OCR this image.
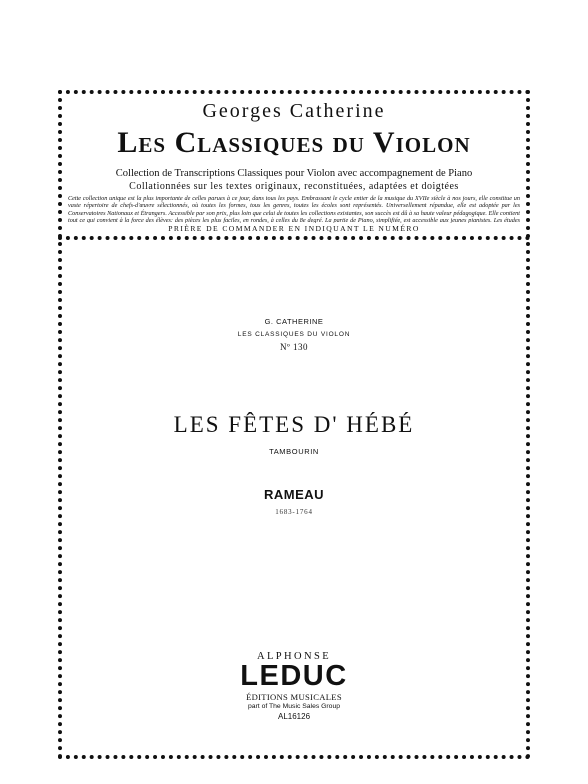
Georges Catherine
Les Classiques du Violon
Collection de Transcriptions Classiques pour Violon avec accompagnement de Piano
Collationnées sur les textes originaux, reconstituées, adaptées et doigtées
Cette collection unique est la plus importante de celles parues à ce jour, dans tous les pays. Embrassant le cycle entier de la musique du XVIIe siècle à nos jours, elle constitue un vaste répertoire de chefs-d'œuvre sélectionnés, où toutes les formes, tous les genres, toutes les écoles sont représentés. Universellement répandue, elle est adoptée par les Conservatoires Nationaux et Étrangers. Accessible par son prix, plus loin que celui de toutes les collections existantes, son succès est dû à sa haute valeur pédagogique. Elle contient tout ce qui convient à la force des élèves: des pièces les plus faciles, en rondes, à celles du 8e degré. La partie de Piano, simplifiée, est accessible aux jeunes pianistes. Les études
PRIÈRE DE COMMANDER EN INDIQUANT LE NUMÉRO
G. CATHERINE
LES CLASSIQUES DU VIOLON
Nº 130
LES FÊTES D' HÉBÉ
TAMBOURIN
RAMEAU
1683-1764
ALPHONSE
LEDUC
ÉDITIONS MUSICALES
part of The Music Sales Group
AL16126
